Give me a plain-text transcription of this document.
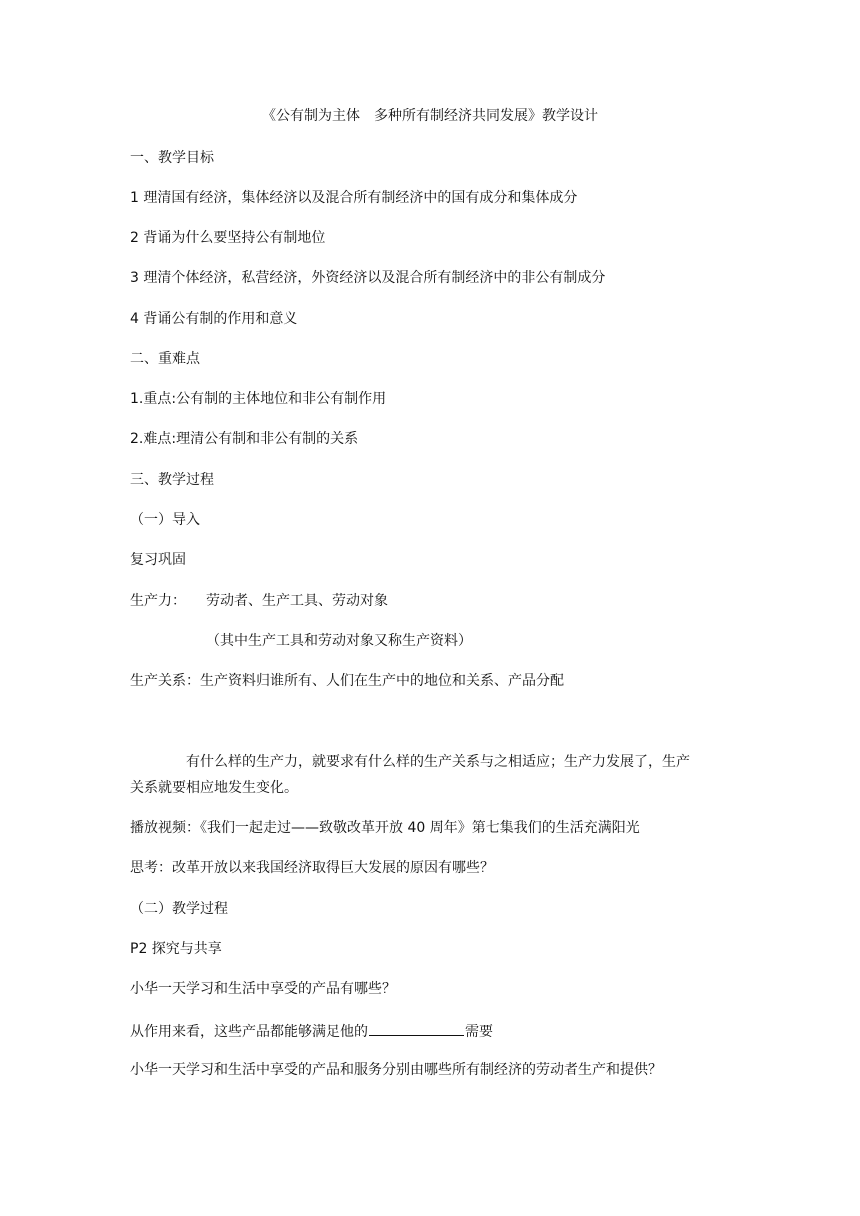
《公有制为主体　多种所有制经济共同发展》教学设计
一、教学目标
1 理清国有经济，集体经济以及混合所有制经济中的国有成分和集体成分
2 背诵为什么要坚持公有制地位
3 理清个体经济，私营经济，外资经济以及混合所有制经济中的非公有制成分
4 背诵公有制的作用和意义
二、重难点
1.重点:公有制的主体地位和非公有制作用
2.难点:理清公有制和非公有制的关系
三、教学过程
（一）导入
复习巩固
生产力： 劳动者、生产工具、劳动对象
（其中生产工具和劳动对象又称生产资料）
生产关系：生产资料归谁所有、人们在生产中的地位和关系、产品分配
有什么样的生产力，就要求有什么样的生产关系与之相适应；生产力发展了，生产
关系就要相应地发生变化。
播放视频：《我们一起走过——致敬改革开放 40 周年》第七集我们的生活充满阳光
思考：改革开放以来我国经济取得巨大发展的原因有哪些？
（二）教学过程
P2 探究与共享
小华一天学习和生活中享受的产品有哪些？
从作用来看，这些产品都能够满足他的	需要
小华一天学习和生活中享受的产品和服务分别由哪些所有制经济的劳动者生产和提供？
